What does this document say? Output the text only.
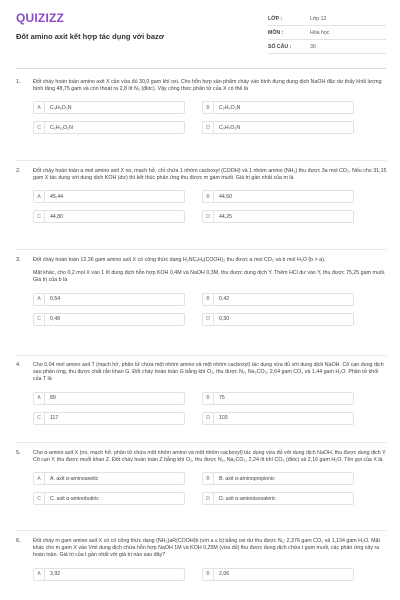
QUIZIZZ
Đốt amino axit kết hợp tác dụng với bazơ
LỚP :	Lớp 12
MÔN :	Hóa học
SỐ CÂU :	30
1. Đốt cháy hoàn toàn amino axit X cần vừa đủ 30,0 gam khí oxi. Cho hỗn hợp sản phẩm cháy vào bình đựng dung dịch NaOH đặc dư thấy khối lượng bình tăng 48,75 gam và còn thoát ra 2,8 lít N₂ (đktc). Vậy công thức phân tử của X có thể là
A	C₄H₉O₂N	B	C₂H₅O₂N
C	C₅H₁₁O₂N	D	C₃H₇O₂N
2. Đốt cháy hoàn toàn a mol amino axit X no, mạch hở, chỉ chứa 1 nhóm cacboxyl (COOH) và 1 nhóm amino (NH₂) thu được 3a mol CO₂. Nếu cho 31,15 gam X tác dụng với dung dịch KOH (dư) thì kết thúc phản ứng thu được m gam muối. Giá trị gần nhất của m là
A	45,44	B	44,50
C	44,80	D	44,25
3. Đốt cháy hoàn toàn 12,36 gam amino axit X có công thức dạng H₂NCₓHᵧ(COOH)₂ thu được a mol CO₂ và b mol H₂O (b > a).

Mặt khác, cho 0,2 mol X vào 1 lít dung dịch hỗn hợp KOH 0,4M và NaOH 0,3M, thu được dung dịch Y. Thêm HCl dư vào Y, thu được 75,25 gam muối. Giá trị của b là

A	0,54	B	0,42
C	0,48	D	0,30
4. Cho 0,04 mol amino axit T (mạch hở, phân tử chứa một nhóm amino và một nhóm cacboxyl) tác dụng vừa đủ với dung dịch NaOH. Cô cạn dung dịch sau phản ứng, thu được chất rắn khan G. Đốt cháy hoàn toàn G bằng khí O₂, thu được N₂, Na₂CO₃, 2,64 gam CO₂ và 1,44 gam H₂O. Phân tử khối của T là
A	89	B	75
C	117	D	103
5. Cho α-amino axit X (no, mạch hở, phân tử chứa một nhóm amino và một nhóm cacboxyl) tác dụng vừa đủ với dung dịch NaOH, thu được dung dịch Y. Cô cạn Y, thu được muối khan Z. Đốt cháy hoàn toàn Z bằng khí O₂, thu được N₂, Na₂CO₃, 2,24 lít khí CO₂ (đktc) và 2,16 gam H₂O. Tên gọi của X là
A	A. axit α-aminoaxetic	B	B. axit α-aminopropionic
C	C. axit α-aminobutiric	D	D. axit α-aminoisovaleric
6. Đốt cháy m gam amino axit X có có công thức dạng (NH₂)aR(COOH)b (với a ≤ b) bằng oxi dư thu được N₂; 2,376 gam CO₂ và 1,134 gam H₂O. Mặt khác cho m gam X vào Vml dung dịch chứa hỗn hợp NaOH 1M và KOH 0,25M (vừa đủ) thu được dung dịch chứa t gam muối, các phản ứng xảy ra hoàn toàn. Giá trị của t gần nhất với giá trị nào sau đây?
A	3,92	B	2,06
